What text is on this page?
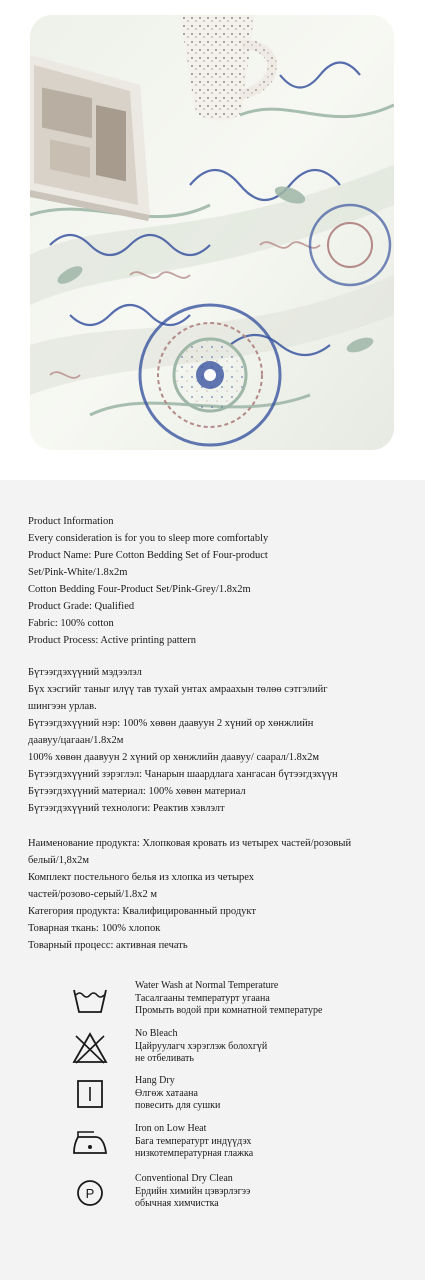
Product Information

Every consideration is for you to sleep more comfortably

Product Name: Pure Cotton Bedding Set of Four-product

Set/Pink-White/1.8x2m

Cotton Bedding Four-Product Set/Pink-Grey/1.8x2m

Product Grade: Qualified

Fabric: 100% cotton

Product Process: Active printing pattern

Бүтээгдэхүүний мэдээлэл

Бүх хэсгийг таныг илүү тав тухай унтах амраахын төлөө сэтгэлийг

шингээн урлав.

Бүтээгдэхүүний нэр: 100% хөвөн даавуун 2 хүний ор хөнжлийн

даавуу/цагаан/1.8x2м

100% хөвөн даавуун 2 хүний ор хөнжлийн даавуу/ саарал/1.8x2м

Бүтээгдэхүүний зэрэглэл: Чанарын шаардлага хангасан бүтээгдэхүүн

Бүтээгдэхүүний материал: 100% хөвөн материал

Бүтээгдэхүүний технологи: Реактив хэвлэлт

Наименование продукта: Хлопковая кровать из четырех частей/розовый

белый/1,8x2м

Комплект постельного белья из хлопка из четырех

частей/розово-серый/1.8x2 м

Категория продукта: Квалифицированный продукт

Товарная ткань: 100% хлопок

Товарный процесс: активная печать

Water Wash at Normal Temperature

Тасалгааны температурт угаана

Промыть водой при комнатной температуре

No Bleach

Цайруулагч хэрэглэж болохгүй

не отбеливать

Hang Dry

Өлгөж хатаана

повесить для сушки

Iron on Low Heat

Бага температурт индүүдэх

низкотемпературная глажка

P

Conventional Dry Clean

Ердийн химийн цэвэрлэгээ

обычная химчистка
